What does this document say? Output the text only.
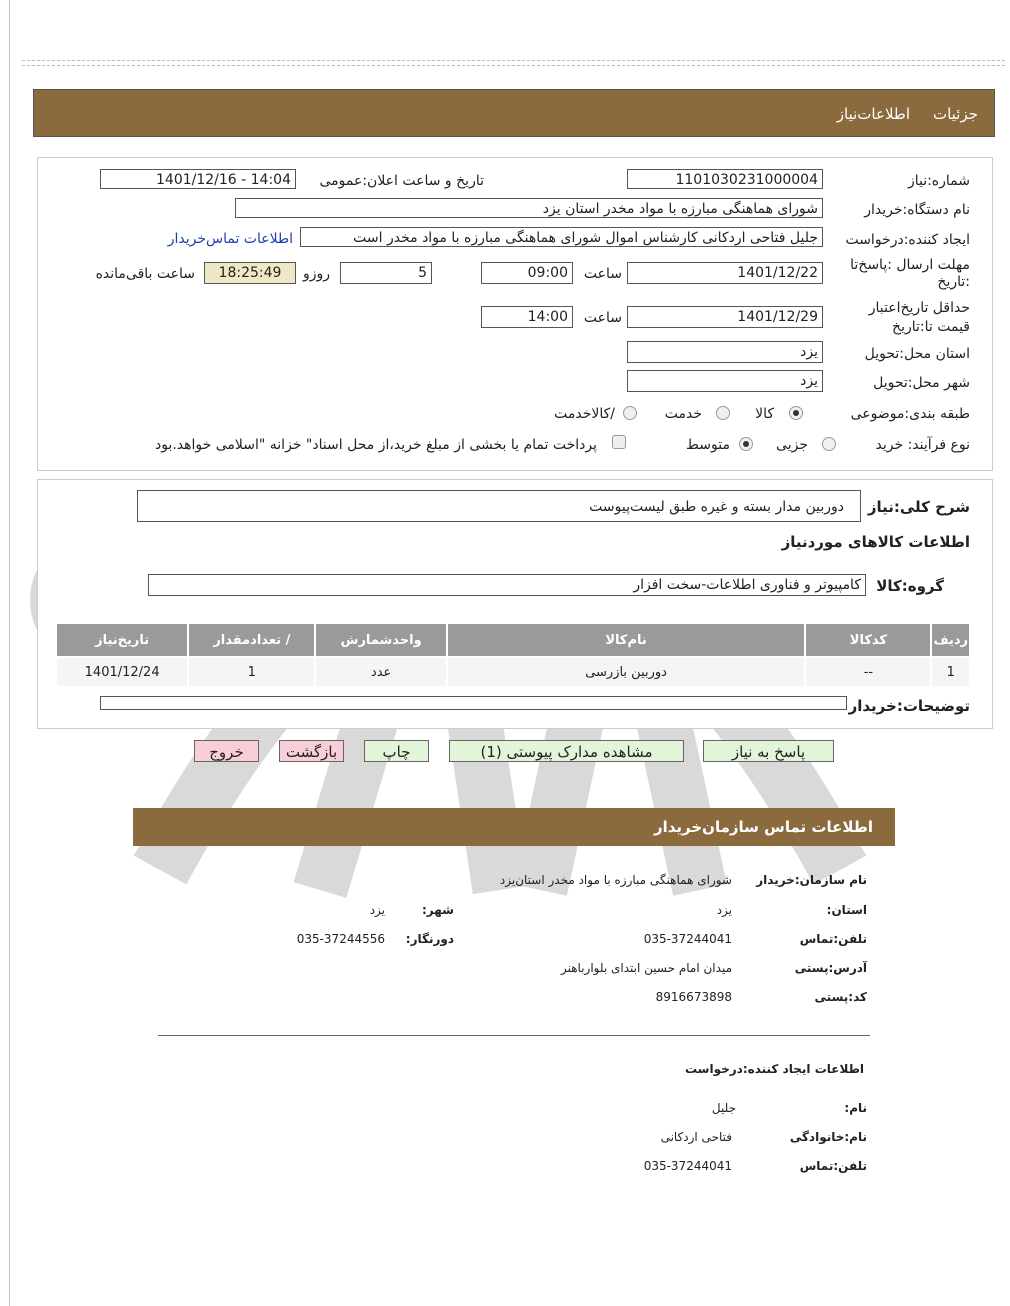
جزئیات
اطلاعات‌نیاز
شماره:نیاز
1101030231000004
تاریخ و ساعت اعلان:عمومی
1401/12/16 - 14:04
نام دستگاه:خریدار
شورای هماهنگی مبارزه با مواد مخدر استان یزد
ایجاد کننده:درخواست
جلیل فتاحی اردکانی کارشناس اموال شورای هماهنگی مبارزه با مواد مخدر است
اطلاعات تماس‌خریدار
مهلت ارسال :پاسخ‌تا
:تاریخ
1401/12/22
ساعت
09:00
5
روزو
18:25:49
ساعت باقی‌مانده
حداقل تاریخ‌اعتبار
قیمت تا:تاریخ
1401/12/29
ساعت
14:00
استان محل:تحویل
یزد
شهر محل:تحویل
یزد
طبقه بندی:موضوعی
کالا
خدمت
/کالاخدمت
نوع فرآیند: خرید
جزیی
متوسط
پرداخت تمام یا بخشی از مبلغ خرید،از محل اسناد" خزانه "اسلامی خواهد.بود
شرح کلی:نیاز
دوربین مدار بسته و غیره طبق لیست‌پیوست
اطلاعات کالاهای موردنیاز
گروه:کالا
کامپیوتر و فناوری اطلاعات-سخت افزار
ردیف	کدکالا	نام‌کالا	واحدشمارش	/ تعدادمقدار	تاریخ‌نیاز
1	--	دوربین بازرسی	عدد	1	1401/12/24
توضیحات:خریدار
پاسخ به نیاز
مشاهده مدارک پیوستی (1)
چاپ
بازگشت
خروج
اطلاعات تماس سازمان‌خریدار
نام سازمان:خریدار
شورای هماهنگی مبارزه با مواد مخدر استان‌یزد
استان:
یزد
شهر:
یزد
تلفن:تماس
035-37244041
دورنگار:
035-37244556
آدرس:پستی
میدان امام حسین ابتدای بلوارباهنر
کد:پستی
8916673898
اطلاعات ایجاد کننده:درخواست
نام:
جلیل
نام:خانوادگی
فتاحی اردکانی
تلفن:تماس
035-37244041
